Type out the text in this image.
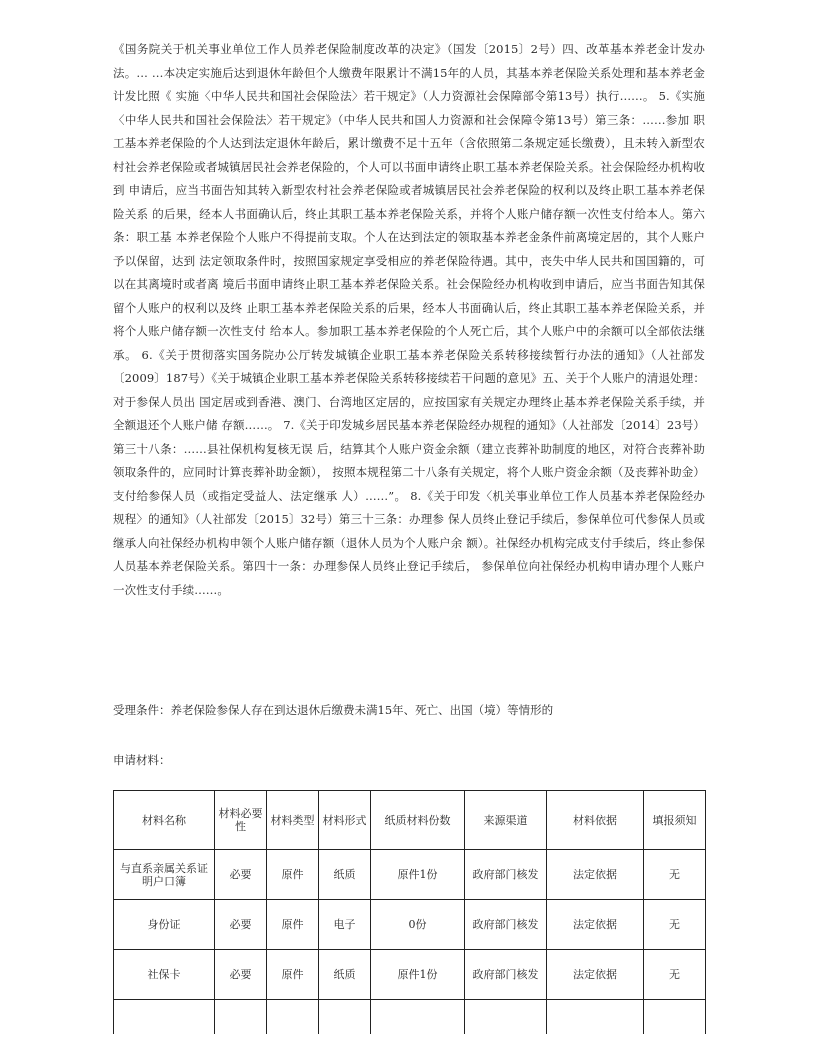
《国务院关于机关事业单位工作人员养老保险制度改革的决定》（国发〔2015〕2号）四、改革基本养老金计发办法。… …本决定实施后达到退休年龄但个人缴费年限累计不满15年的人员，其基本养老保险关系处理和基本养老金计发比照《 实施〈中华人民共和国社会保险法〉若干规定》（人力资源社会保障部令第13号）执行……。 5.《实施〈中华人民共和国社会保险法〉若干规定》（中华人民共和国人力资源和社会保障令第13号）第三条：……参加 职工基本养老保险的个人达到法定退休年龄后，累计缴费不足十五年（含依照第二条规定延长缴费），且未转入新型农 村社会养老保险或者城镇居民社会养老保险的，个人可以书面申请终止职工基本养老保险关系。社会保险经办机构收到 申请后，应当书面告知其转入新型农村社会养老保险或者城镇居民社会养老保险的权利以及终止职工基本养老保险关系 的后果，经本人书面确认后，终止其职工基本养老保险关系，并将个人账户储存额一次性支付给本人。第六条：职工基 本养老保险个人账户不得提前支取。个人在达到法定的领取基本养老金条件前离境定居的，其个人账户予以保留，达到 法定领取条件时，按照国家规定享受相应的养老保险待遇。其中，丧失中华人民共和国国籍的，可以在其离境时或者离 境后书面申请终止职工基本养老保险关系。社会保险经办机构收到申请后，应当书面告知其保留个人账户的权利以及终 止职工基本养老保险关系的后果，经本人书面确认后，终止其职工基本养老保险关系，并将个人账户储存额一次性支付 给本人。参加职工基本养老保险的个人死亡后，其个人账户中的余额可以全部依法继承。 6.《关于贯彻落实国务院办公厅转发城镇企业职工基本养老保险关系转移接续暂行办法的通知》（人社部发〔2009〕187号）《关于城镇企业职工基本养老保险关系转移接续若干问题的意见》五、关于个人账户的清退处理：对于参保人员出 国定居或到香港、澳门、台湾地区定居的，应按国家有关规定办理终止基本养老保险关系手续，并全额退还个人账户储 存额……。 7.《关于印发城乡居民基本养老保险经办规程的通知》（人社部发〔2014〕23号）第三十八条：……县社保机构复核无误 后，结算其个人账户资金余额（建立丧葬补助制度的地区，对符合丧葬补助领取条件的，应同时计算丧葬补助金额）， 按照本规程第二十八条有关规定，将个人账户资金余额（及丧葬补助金）支付给参保人员（或指定受益人、法定继承 人）……”。 8.《关于印发〈机关事业单位工作人员基本养老保险经办规程〉的通知》（人社部发〔2015〕32号）第三十三条：办理参 保人员终止登记手续后，参保单位可代参保人员或继承人向社保经办机构申领个人账户储存额（退休人员为个人账户余 额）。社保经办机构完成支付手续后，终止参保人员基本养老保险关系。第四十一条：办理参保人员终止登记手续后， 参保单位向社保经办机构申请办理个人账户一次性支付手续……。
受理条件：养老保险参保人存在到达退休后缴费未满15年、死亡、出国（境）等情形的
申请材料：
材料名称	材料必要性	材料类型	材料形式	纸质材料份数	来源渠道	材料依据	填报须知
与直系亲属关系证明户口簿	必要	原件	纸质	原件1份	政府部门核发	法定依据	无
身份证	必要	原件	电子	0份	政府部门核发	法定依据	无
社保卡	必要	原件	纸质	原件1份	政府部门核发	法定依据	无
